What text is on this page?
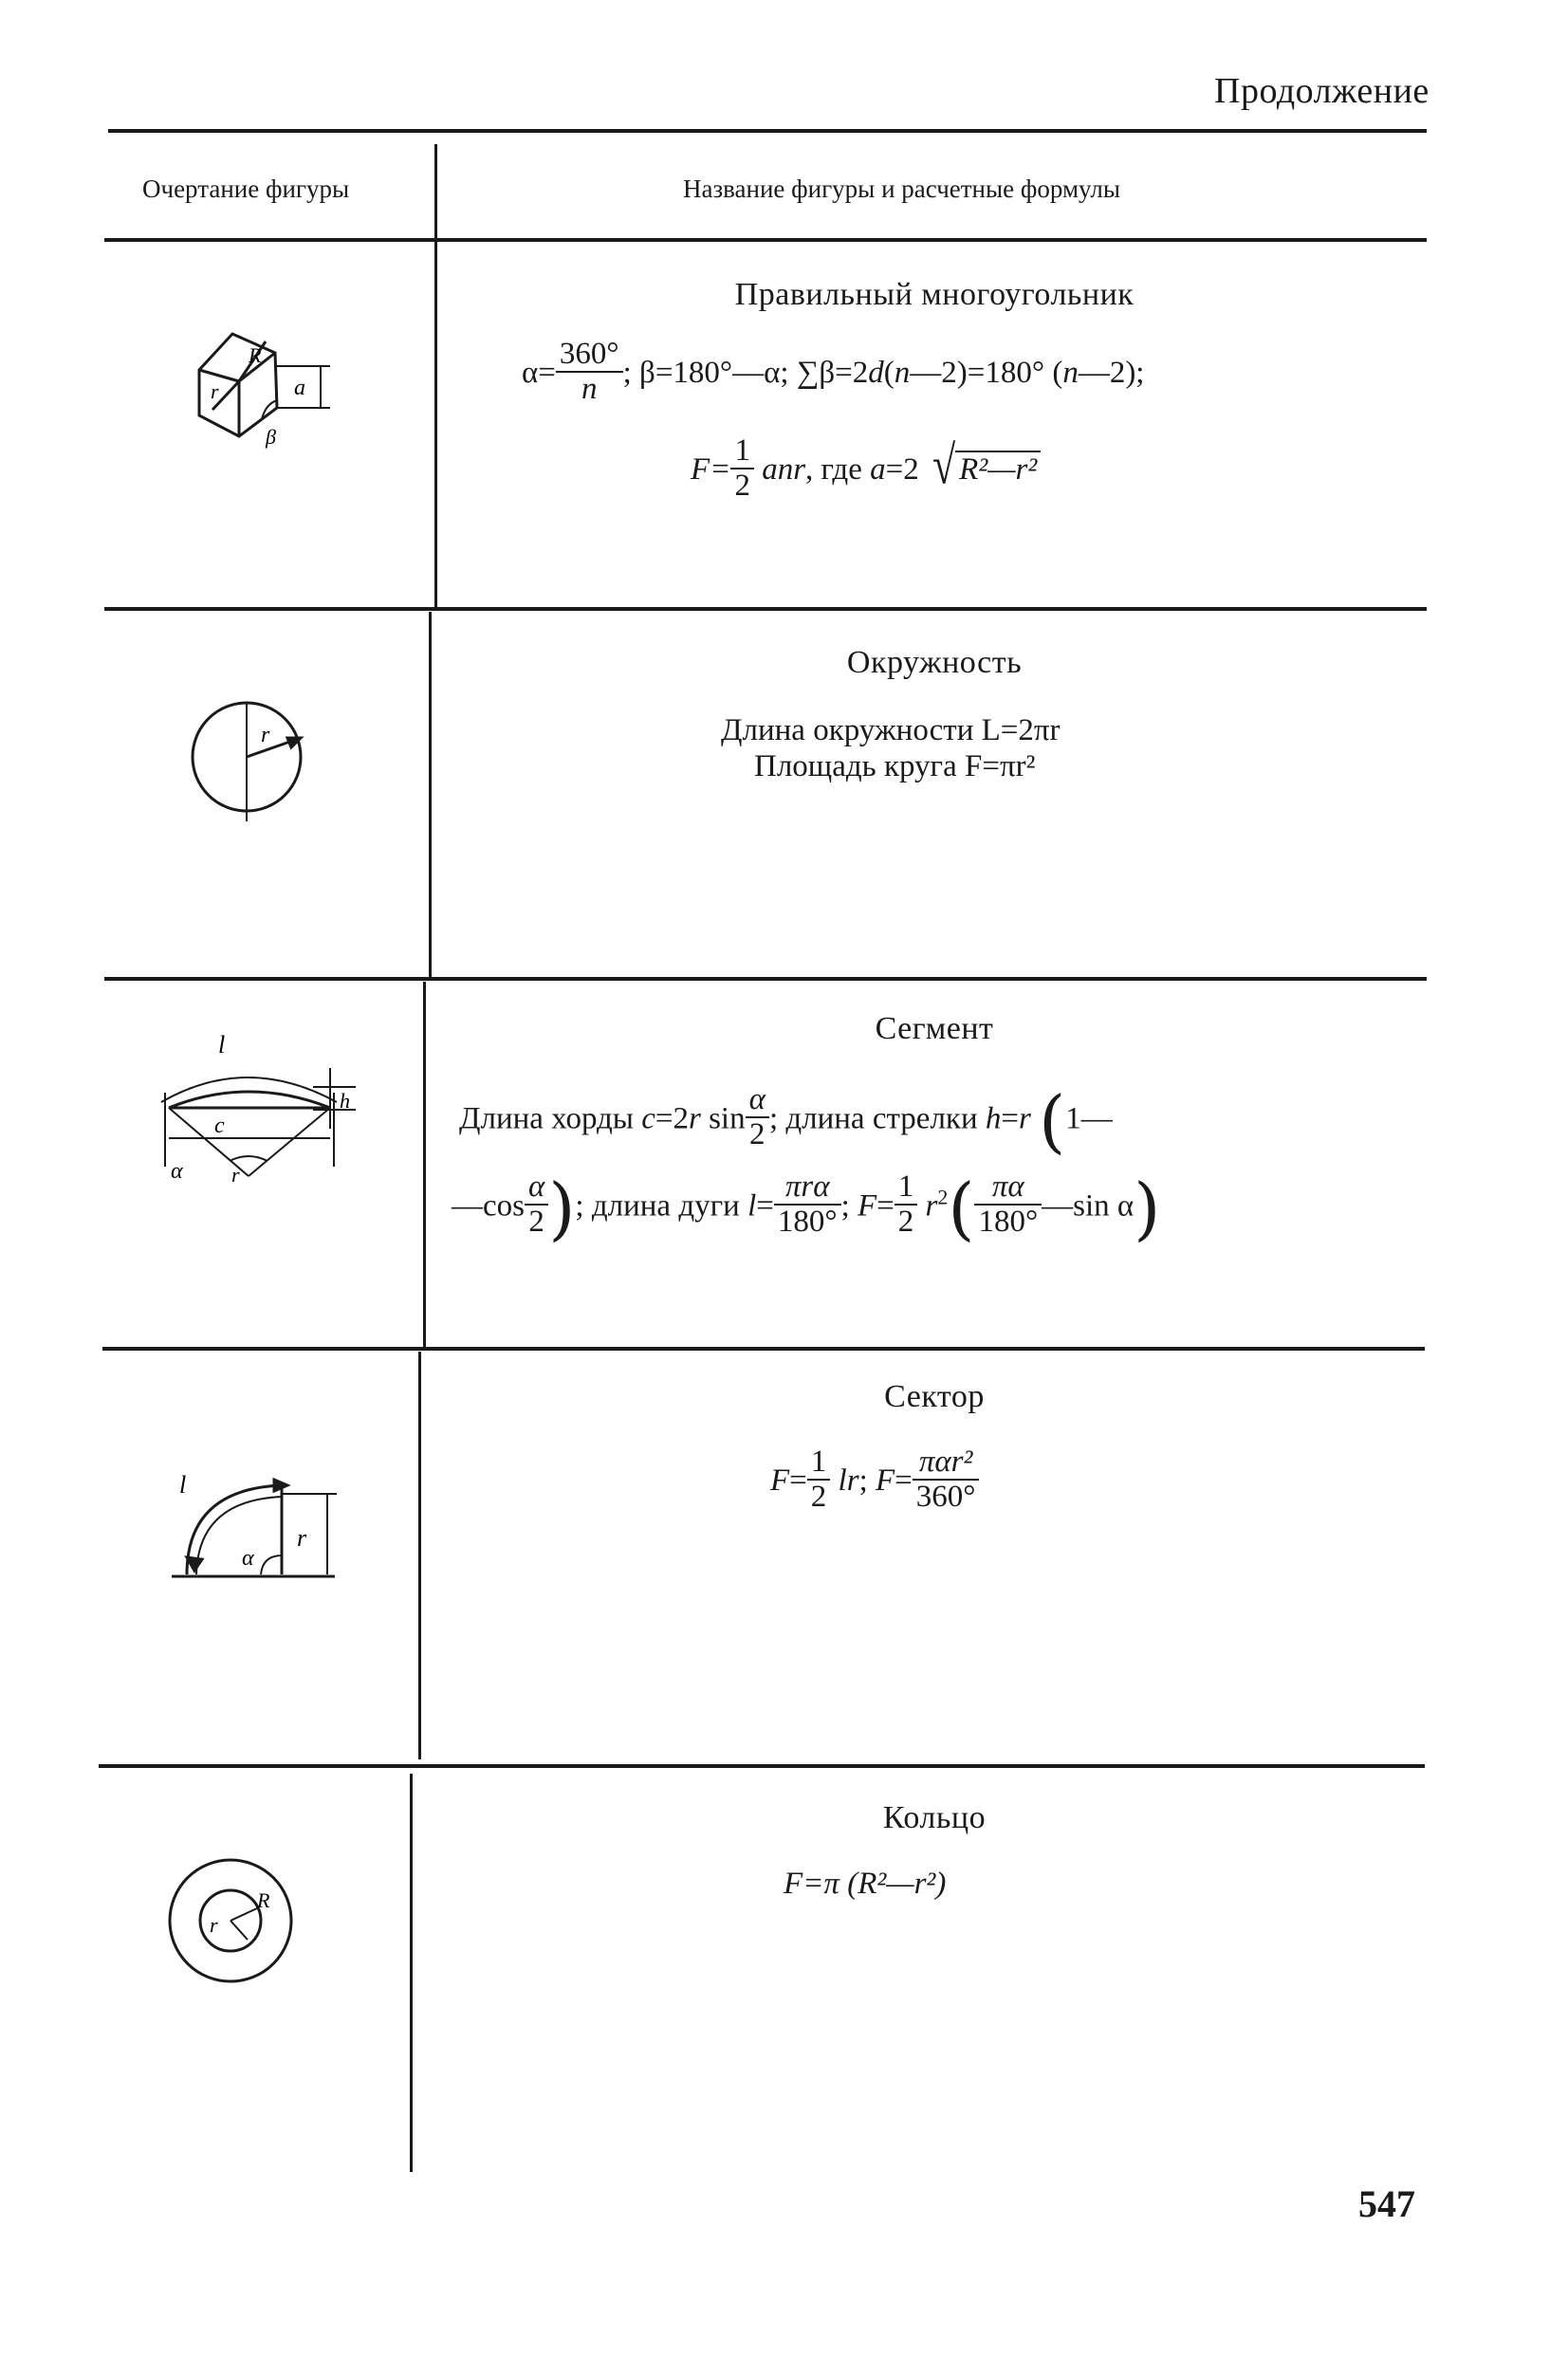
Продолжение
Очертание фигуры	Название фигуры и расчетные формулы
R
r	a
β
Правильный многоугольник
$\alpha= \frac{360^\circ}{n}$ ; β=180°—α; ∑β=2d(n—2)=180° (n—2);
$F= \frac{1}{2}$ anr, где a=2 √ R²—r²
r
Окружность
Длина окружности L=2πr
Площадь круга F=πr²
l
h
c
α r
Сегмент
Длина хорды c=2r $\sin \frac{\alpha}{2}$ ; длина стрелки h=r (1—
—cos $\frac{\alpha}{2}$ ); длина дуги $l= \frac{\text{πrα}}{180^\circ}$ ; $F= \frac{1}{2} r^2( \frac{\pi\alpha}{180^\circ}$ —sin α)
l
r
α
Сектор
$F= \frac{1}{2}$ lr; $F= \frac{\text{παr²}}{360^\circ}$
r
R
Кольцо
F=π (R²—r²)
547
